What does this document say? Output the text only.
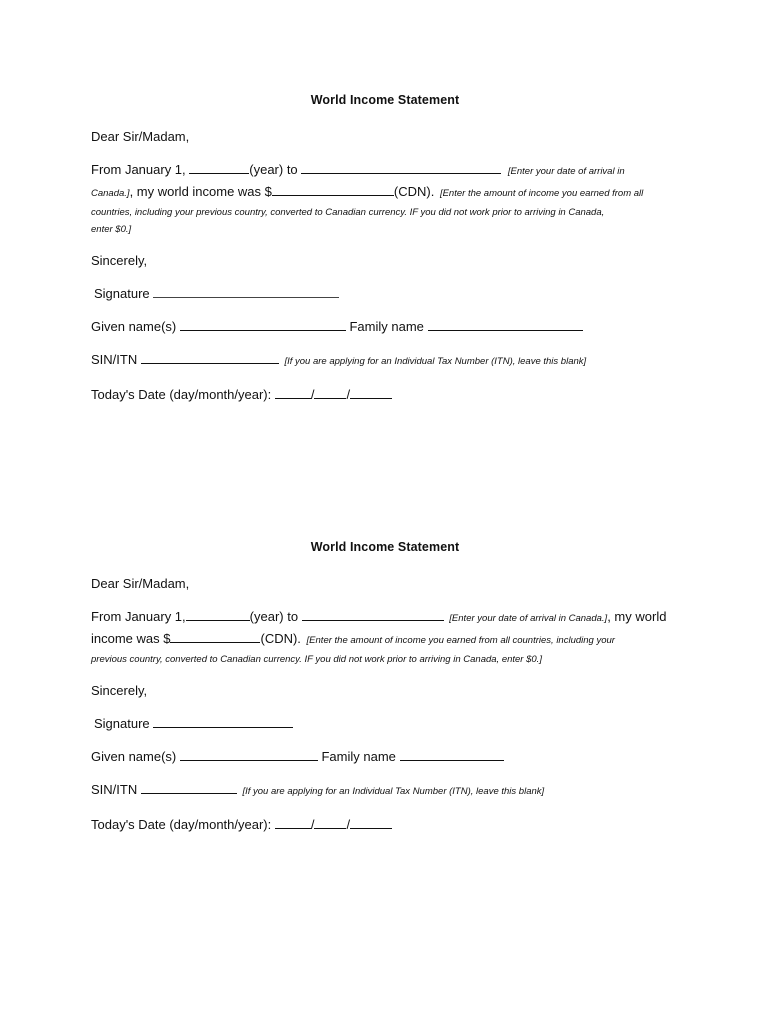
World Income Statement
Dear Sir/Madam,
From January 1,	(year) to	[Enter your date of arrival in
Canada.], my world income was $	(CDN). [Enter the amount of income you earned from all
countries, including your previous country, converted to Canadian currency. IF you did not work prior to arriving in Canada,
enter $0.]
Sincerely,
Signature
Given name(s)	Family name
SIN/ITN	[If you are applying for an Individual Tax Number (ITN), leave this blank]
Today's Date (day/month/year):	/ /
World Income Statement
Dear Sir/Madam,
From January 1,	(year) to	[Enter your date of arrival in Canada.], my world
income was $	(CDN). [Enter the amount of income you earned from all countries, including your
previous country, converted to Canadian currency. IF you did not work prior to arriving in Canada, enter $0.]
Sincerely,
Signature
Given name(s)	Family name
SIN/ITN	[If you are applying for an Individual Tax Number (ITN), leave this blank]
Today's Date (day/month/year):	/ /
